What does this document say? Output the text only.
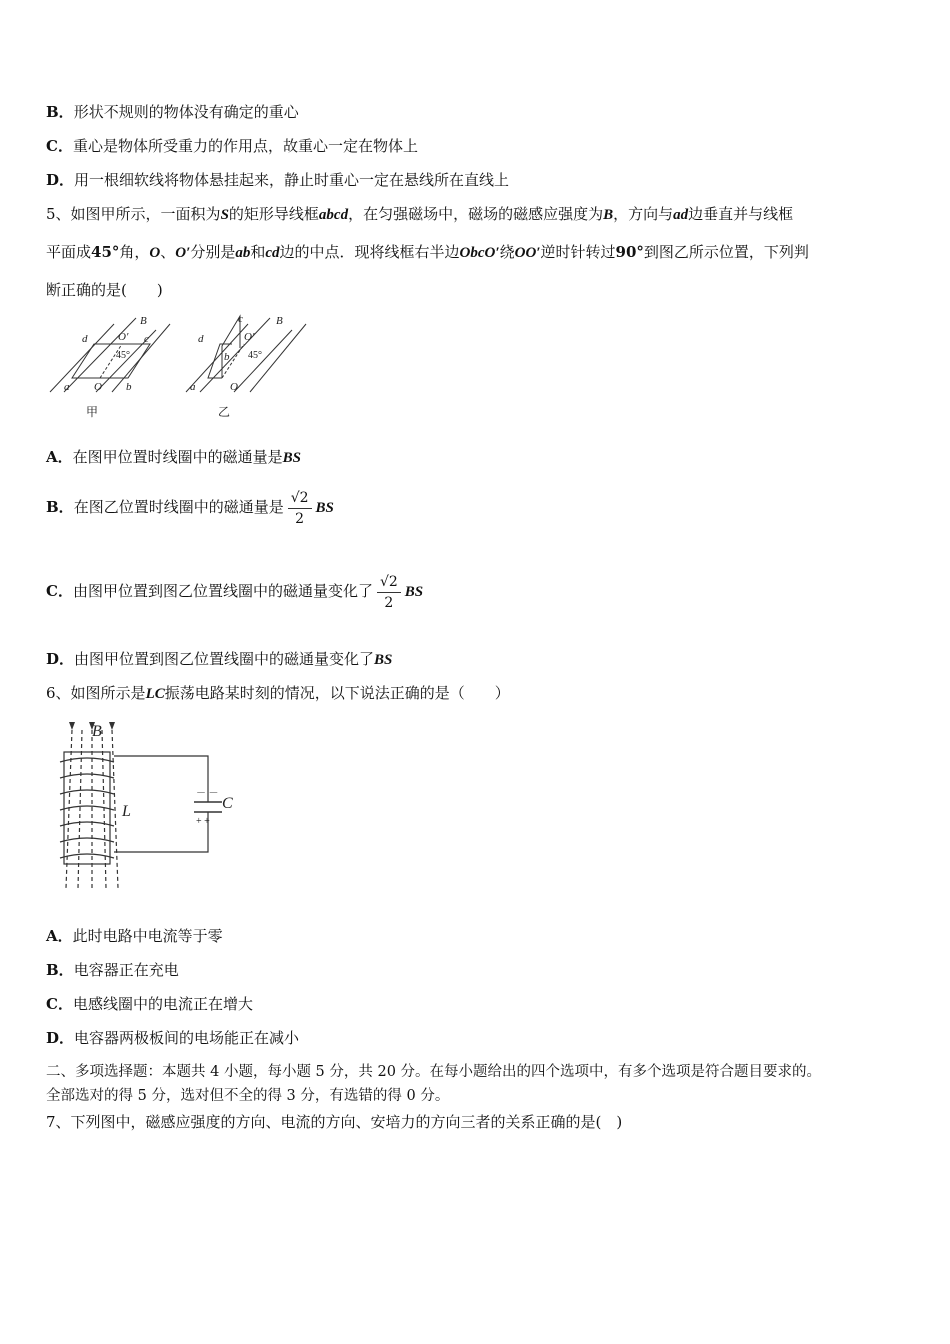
B．形状不规则的物体没有确定的重心
C．重心是物体所受重力的作用点，故重心一定在物体上
D．用一根细软线将物体悬挂起来，静止时重心一定在悬线所在直线上
5、如图甲所示，一面积为S的矩形导线框abcd，在匀强磁场中，磁场的磁感应强度为B，方向与ad边垂直并与线框
平面成45°角，O、O′分别是ab和cd边的中点．现将线框右半边ObcO′绕OO′逆时针转过90°到图乙所示位置，下列判
断正确的是(　　)
d
a	b
c
B
O
O′
45°
d
a
b
c	B
O
O′
45°
甲	乙
A．在图甲位置时线圈中的磁通量是BS
B．在图乙位置时线圈中的磁通量是 $\frac{√2}{2}$ BS
C．由图甲位置到图乙位置线圈中的磁通量变化了 $\frac{√2}{2}$ BS
D．由图甲位置到图乙位置线圈中的磁通量变化了BS
6、如图所示是LC振荡电路某时刻的情况，以下说法正确的是（　　）
B
L	C
－ －
+ +
A．此时电路中电流等于零
B．电容器正在充电
C．电感线圈中的电流正在增大
D．电容器两极板间的电场能正在减小
二、多项选择题：本题共 4 小题，每小题 5 分，共 20 分。在每小题给出的四个选项中，有多个选项是符合题目要求的。
全部选对的得 5 分，选对但不全的得 3 分，有选错的得 0 分。
7、下列图中，磁感应强度的方向、电流的方向、安培力的方向三者的关系正确的是(　)
